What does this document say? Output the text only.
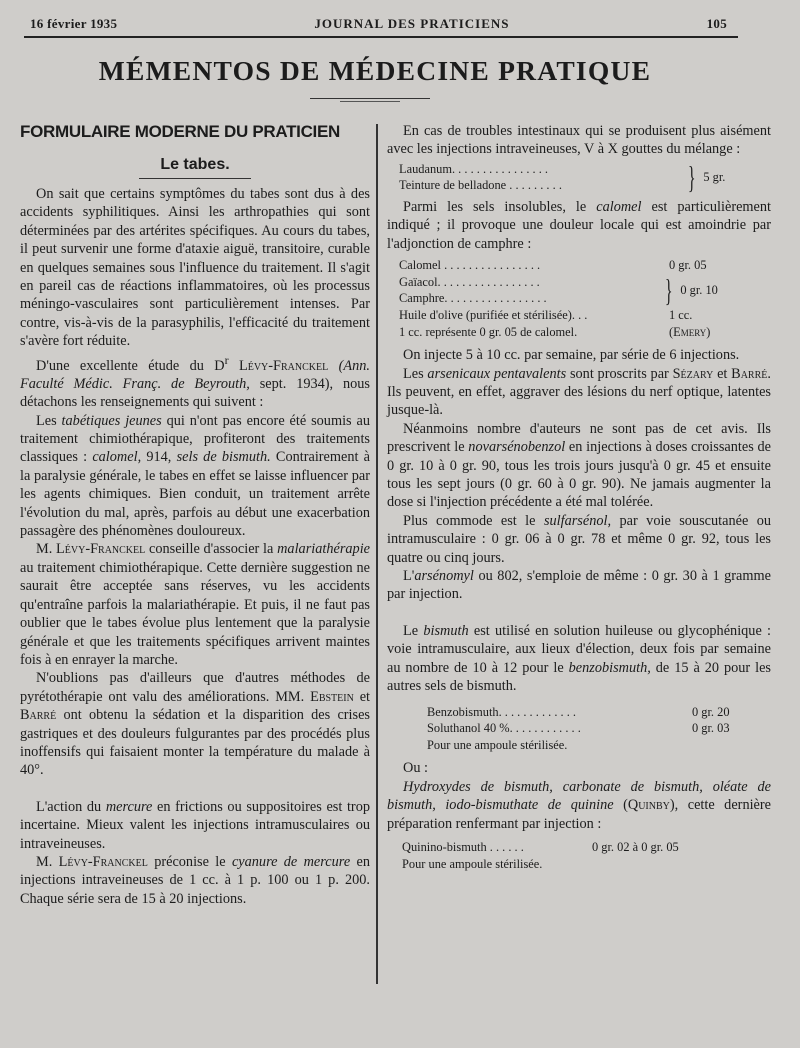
16 février 1935	JOURNAL DES PRATICIENS	105
MÉMENTOS DE MÉDECINE PRATIQUE
FORMULAIRE MODERNE DU PRATICIEN
Le tabes.

On sait que certains symptômes du tabes sont dus à des accidents syphilitiques. Ainsi les arthropathies qui sont déterminées par des artérites spécifiques. Au cours du tabes, il peut survenir une forme d'ataxie aiguë, transitoire, curable en quelques semaines sous l'influence du traitement. Il s'agit en pareil cas de réactions inflammatoires, où les processus méningo-vasculaires sont particulièrement intenses. Par contre, vis-à-vis de la parasyphilis, l'efficacité du traitement s'avère fort réduite.

D'une excellente étude du $D^r$ Lévy-Franckel (Ann. Faculté Médic. Franç. de Beyrouth, sept. 1934), nous détachons les renseignements qui suivent :

Les tabétiques jeunes qui n'ont pas encore été soumis au traitement chimiothérapique, profiteront des traitements classiques : calomel, 914, sels de bismuth. Contrairement à la paralysie générale, le tabes en effet se laisse influencer par les agents chimiques. Bien conduit, un traitement arrête l'évolution du mal, après, parfois au début une exacerbation passagère des phénomènes douloureux.

M. Lévy-Franckel conseille d'associer la malariathérapie au traitement chimiothérapique. Cette dernière suggestion ne saurait être acceptée sans réserves, vu les accidents qu'entraîne parfois la malariathérapie. Et puis, il ne faut pas oublier que le tabes évolue plus lentement que la paralysie générale et que les traitements spécifiques arrivent maintes fois à en enrayer la marche.

N'oublions pas d'ailleurs que d'autres méthodes de pyrétothérapie ont valu des améliorations. MM. Ebstein et Barré ont obtenu la sédation et la disparition des crises gastriques et des douleurs fulgurantes par des procédés plus inoffensifs qui faisaient monter la température du malade à 40°.

L'action du mercure en frictions ou suppositoires est trop incertaine. Mieux valent les injections intramusculaires ou intraveineuses.

M. Lévy-Franckel préconise le cyanure de mercure en injections intraveineuses de 1 cc. à 1 p. 100 ou 1 p. 200. Chaque série sera de 15 à 20 injections.

En cas de troubles intestinaux qui se produisent plus aisément avec les injections intraveineuses, V à X gouttes du mélange :

Laudanum. . . . . . . . . . . . . . . .
Teinture de belladone . . . . . . . . .	} 5 gr.

Parmi les sels insolubles, le calomel est particulièrement indiqué ; il provoque une douleur locale qui est amoindrie par l'adjonction de camphre :

Calomel . . . . . . . . . . . . . . . .	0 gr. 05
Gaïacol. . . . . . . . . . . . . . . . .
Camphre. . . . . . . . . . . . . . . . .	} 0 gr. 10
Huile d'olive (purifiée et stérilisée). . .	1 cc.
1 cc. représente 0 gr. 05 de calomel.	(Emery)

On injecte 5 à 10 cc. par semaine, par série de 6 injections.

Les arsenicaux pentavalents sont proscrits par Sézary et Barré. Ils peuvent, en effet, aggraver des lésions du nerf optique, latentes jusque-là.

Néanmoins nombre d'auteurs ne sont pas de cet avis. Ils prescrivent le novarsénobenzol en injections à doses croissantes de 0 gr. 10 à 0 gr. 90, tous les trois jours jusqu'à 0 gr. 45 et ensuite tous les sept jours (0 gr. 60 à 0 gr. 90). Ne jamais augmenter la dose si l'injection précédente a été mal tolérée.

Plus commode est le sulfarsénol, par voie souscutanée ou intramusculaire : 0 gr. 06 à 0 gr. 78 et même 0 gr. 92, tous les quatre ou cinq jours.

L'arsénomyl ou 802, s'emploie de même : 0 gr. 30 à 1 gramme par injection.

Le bismuth est utilisé en solution huileuse ou glycophénique : voie intramusculaire, aux lieux d'élection, deux fois par semaine au nombre de 10 à 12 pour le benzobismuth, de 15 à 20 pour les autres sels de bismuth.

Benzobismuth. . . . . . . . . . . . .	0 gr. 20
Soluthanol 40 %. . . . . . . . . . . .	0 gr. 03
Pour une ampoule stérilisée.

Ou :

Hydroxydes de bismuth, carbonate de bismuth, oléate de bismuth, iodo-bismuthate de quinine (Quinby), cette dernière préparation renfermant par injection :

Quinino-bismuth . . . . . .	0 gr. 02 à 0 gr. 05
Pour une ampoule stérilisée.
